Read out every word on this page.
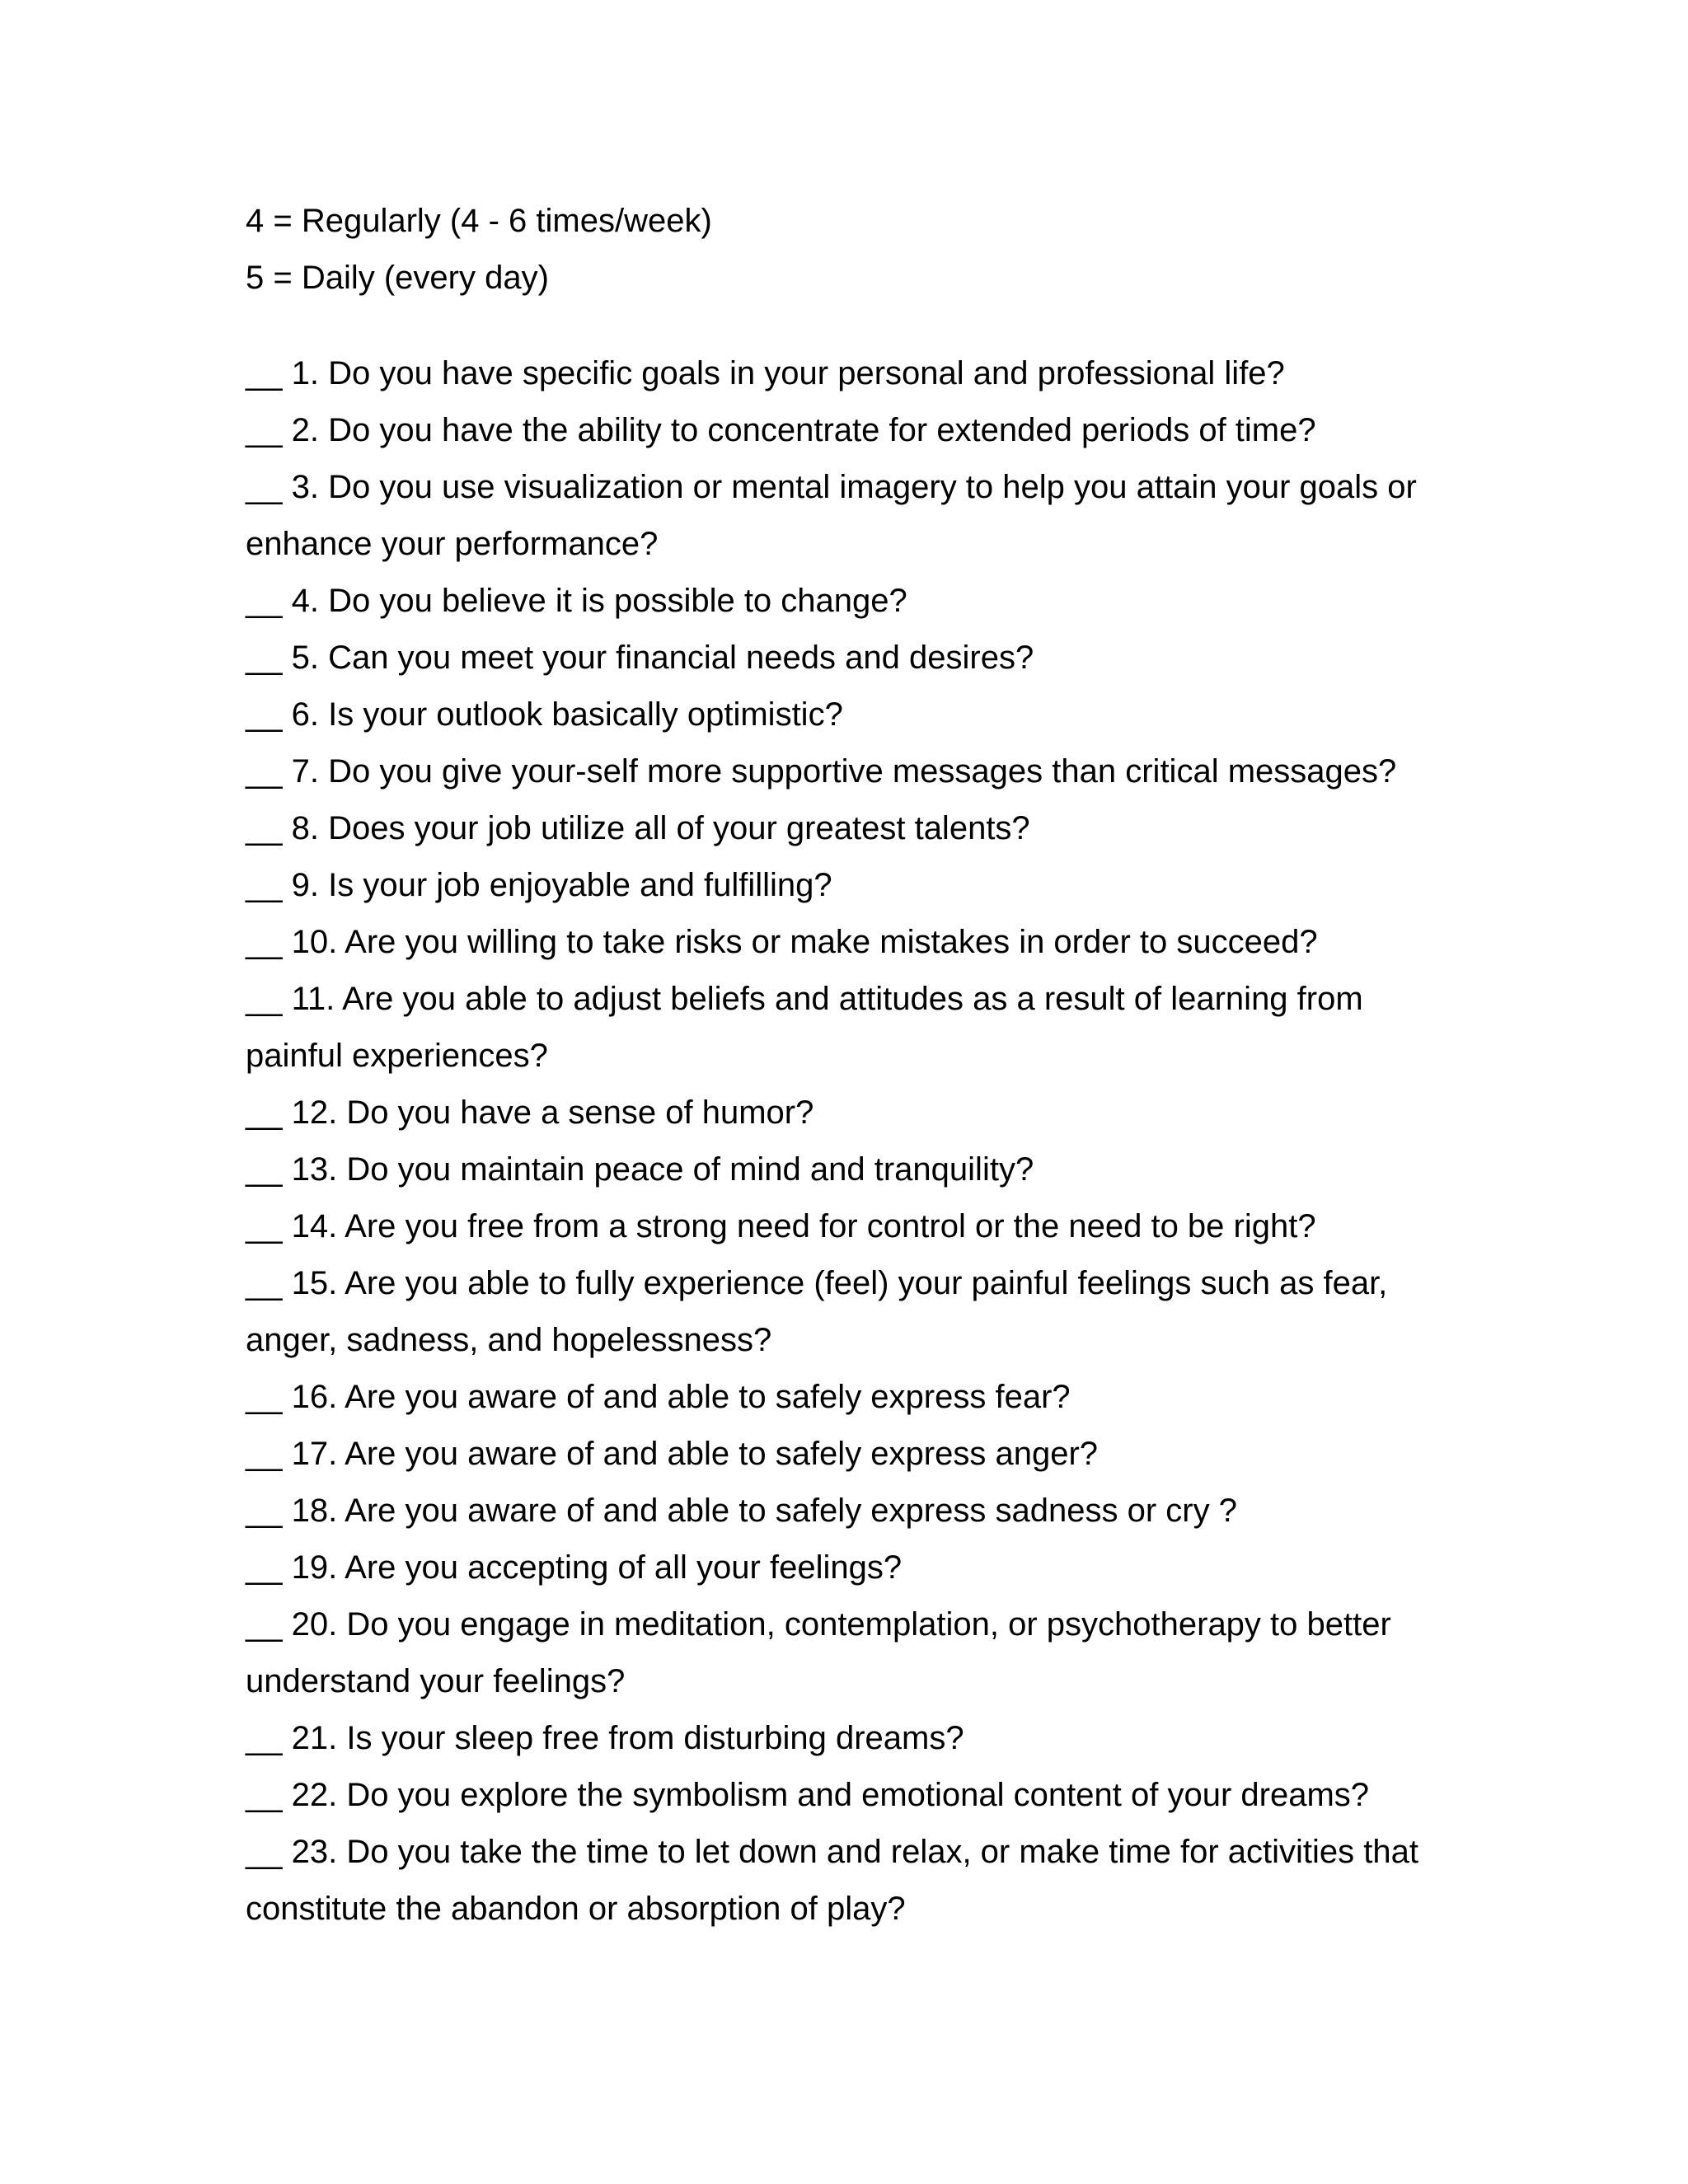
4 = Regularly (4 - 6 times/week)
5 = Daily (every day)
__ 1. Do you have specific goals in your personal and professional life?
__ 2. Do you have the ability to concentrate for extended periods of time?
__ 3. Do you use visualization or mental imagery to help you attain your goals or enhance your performance?
__ 4. Do you believe it is possible to change?
__ 5. Can you meet your financial needs and desires?
__ 6. Is your outlook basically optimistic?
__ 7. Do you give your-self more supportive messages than critical messages?
__ 8. Does your job utilize all of your greatest talents?
__ 9. Is your job enjoyable and fulfilling?
__ 10. Are you willing to take risks or make mistakes in order to succeed?
__ 11. Are you able to adjust beliefs and attitudes as a result of learning from painful experiences?
__ 12. Do you have a sense of humor?
__ 13. Do you maintain peace of mind and tranquility?
__ 14. Are you free from a strong need for control or the need to be right?
__ 15. Are you able to fully experience (feel) your painful feelings such as fear, anger, sadness, and hopelessness?
__ 16. Are you aware of and able to safely express fear?
__ 17. Are you aware of and able to safely express anger?
__ 18. Are you aware of and able to safely express sadness or cry ?
__ 19. Are you accepting of all your feelings?
__ 20. Do you engage in meditation, contemplation, or psychotherapy to better understand your feelings?
__ 21. Is your sleep free from disturbing dreams?
__ 22. Do you explore the symbolism and emotional content of your dreams?
__ 23. Do you take the time to let down and relax, or make time for activities that constitute the abandon or absorption of play?
